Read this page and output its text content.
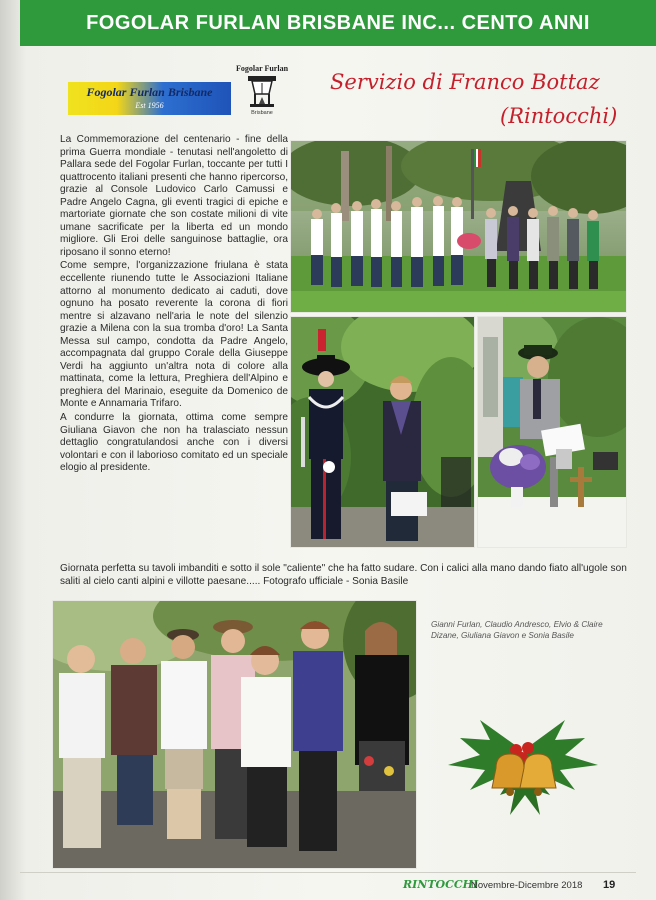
FOGOLAR FURLAN BRISBANE INC... CENTO ANNI
Fogolar Furlan Brisbane
Est 1956
Fogolar Furlan
Brisbane
Servizio di Franco Bottaz
(Rintocchi)

La Commemorazione del centenario - fine della prima Guerra mondiale - tenutasi nell'angoletto di Pallara sede del Fogolar Furlan, toccante per tutti I quattrocento italiani presenti che hanno ripercorso, grazie al Console Ludovico Carlo Camussi e Padre Angelo Cagna, gli eventi tragici di epiche e martoriate giornate che son costate milioni di vite umane sacrificate per la liberta ed un mondo migliore. Gli Eroi delle sanguinose battaglie, ora riposano il sonno eterno!

Come sempre, l'organizzazione friulana è stata eccellente riunendo tutte le Associazioni Italiane attorno al monumento dedicato ai caduti, dove ognuno ha posato reverente la corona di fiori mentre si alzavano nell'aria le note del silenzio grazie a Milena con la sua tromba d'oro! La Santa Messa sul campo, condotta da Padre Angelo, accompagnata dal gruppo Corale della Giuseppe Verdi ha aggiunto un'altra nota di colore alla mattinata, come la lettura, Preghiera dell'Alpino e preghiera del Marinaio, eseguite da Domenico de Monte e Annamaria Trifaro.

A condurre la giornata, ottima come sempre Giuliana Giavon che non ha tralasciato nessun dettaglio congratulandosi anche con i diversi volontari e con il laborioso comitato ed un speciale elogio al presidente.

Giornata perfetta su tavoli imbanditi e sotto il sole "caliente" che ha fatto sudare. Con i calici alla mano dando fiato all'ugole son saliti al cielo canti alpini e villotte paesane..... Fotografo ufficiale - Sonia Basile
Gianni Furlan, Claudio Andresco, Elvio & Claire Dizane, Giuliana Giavon e Sonia Basile
RINTOCCHI
Novembre-Dicembre 2018 19
